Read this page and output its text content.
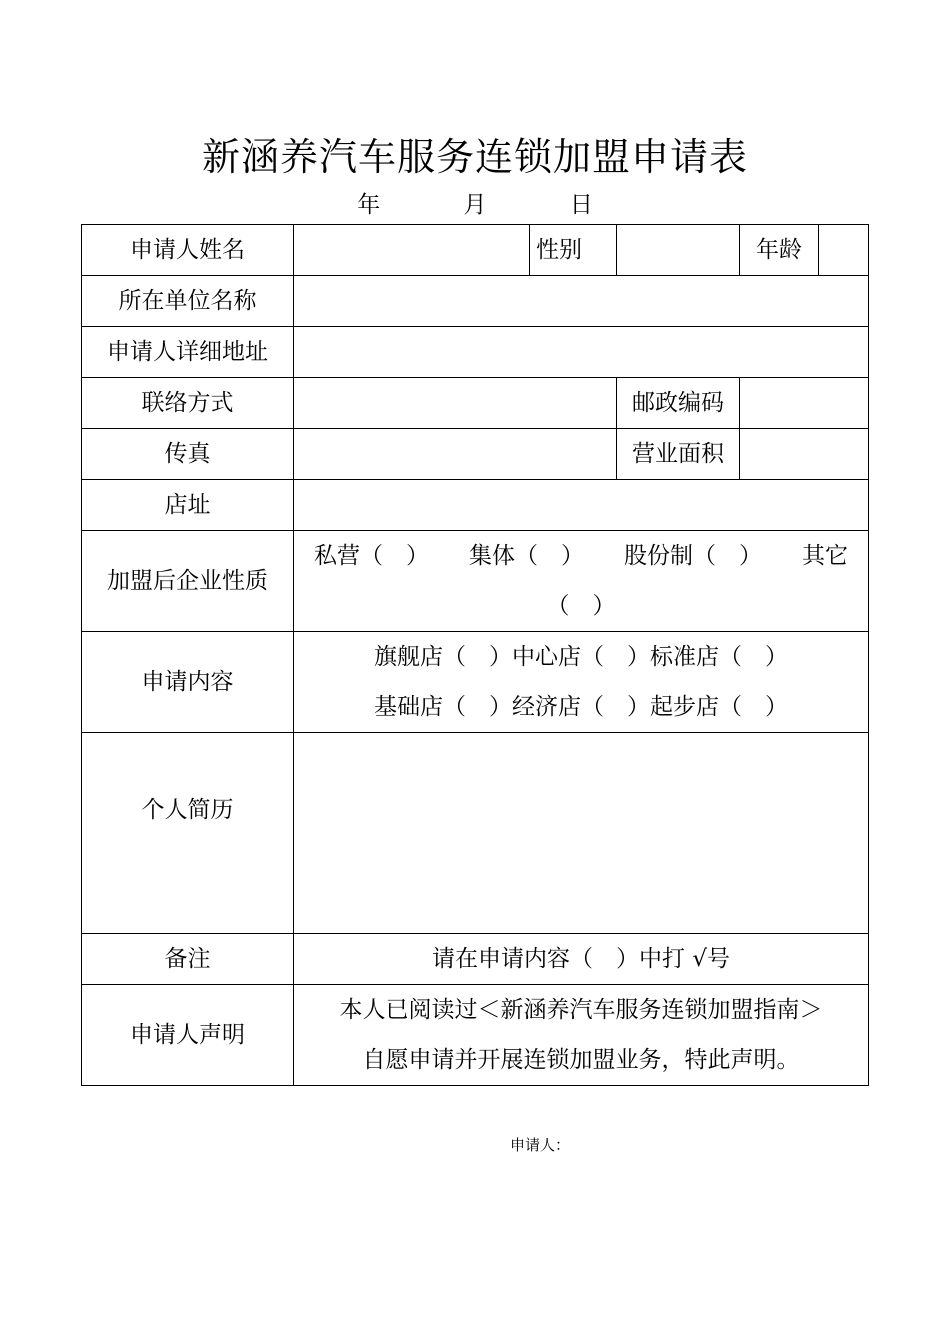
新涵养汽车服务连锁加盟申请表
年	月	日
申请人姓名		性别		年龄

所在单位名称				
申请人详细地址				
联络方式			邮政编码	
传真			营业面积	
店址				
加盟后企业性质	私营（　） 集体（　） 股份制（　） 其它
（　）			

申请内容	旗舰店（　）中心店（　）标准店（　）
基础店（　）经济店（　）起步店（　）			

个人简历				
备注	请在申请内容（　）中打 √号			
申请人声明	本人已阅读过＜新涵养汽车服务连锁加盟指南＞
自愿申请并开展连锁加盟业务，特此声明。			
申请人：
